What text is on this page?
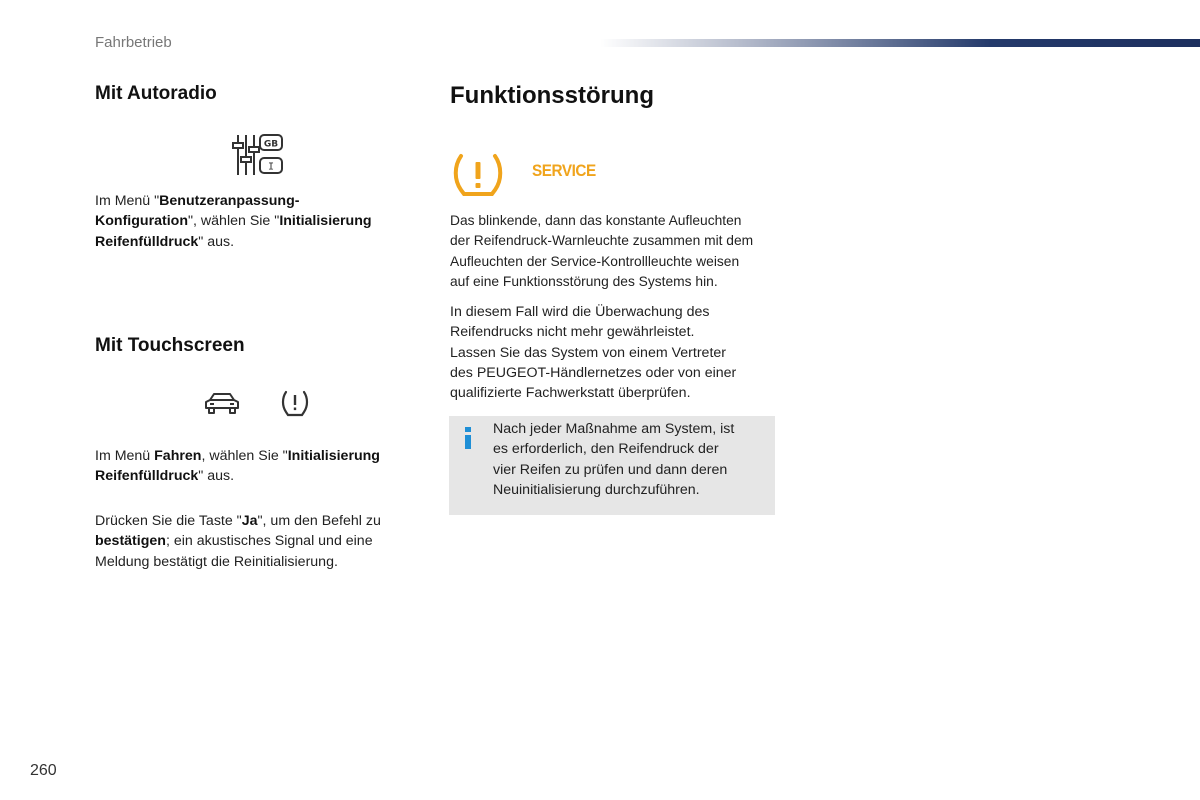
Fahrbetrieb
Mit Autoradio
GB
I

Im Menü "Benutzeranpassung-
Konfiguration", wählen Sie "Initialisierung
Reifenfülldruck" aus.

Mit Touchscreen

Im Menü Fahren, wählen Sie "Initialisierung
Reifenfülldruck" aus.

Drücken Sie die Taste "Ja", um den Befehl zu
bestätigen; ein akustisches Signal und eine
Meldung bestätigt die Reinitialisierung.

Funktionsstörung
SERVICE

Das blinkende, dann das konstante Aufleuchten
der Reifendruck-Warnleuchte zusammen mit dem
Aufleuchten der Service-Kontrollleuchte weisen
auf eine Funktionsstörung des Systems hin.

In diesem Fall wird die Überwachung des
Reifendrucks nicht mehr gewährleistet.
Lassen Sie das System von einem Vertreter
des PEUGEOT-Händlernetzes oder von einer
qualifizierte Fachwerkstatt überprüfen.

Nach jeder Maßnahme am System, ist
es erforderlich, den Reifendruck der
vier Reifen zu prüfen und dann deren
Neuinitialisierung durchzuführen.

260
